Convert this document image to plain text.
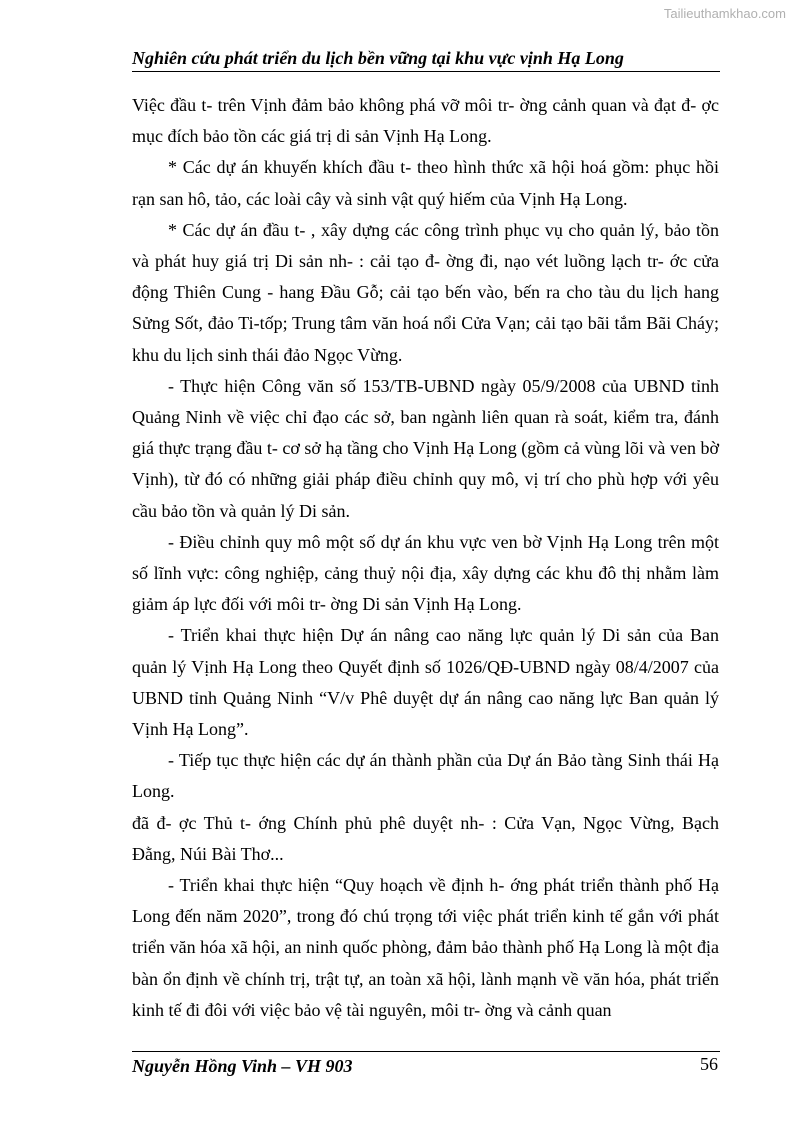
Tailieuthamkhao.com
Nghiên cứu phát triển du lịch bền vững tại khu vực vịnh Hạ Long

Việc đầu t- trên Vịnh đảm bảo không phá vỡ môi tr- ờng cảnh quan và đạt đ- ợc mục đích bảo tồn các giá trị di sản Vịnh Hạ Long.

* Các dự án khuyến khích đầu t- theo hình thức xã hội hoá gồm: phục hồi rạn san hô, tảo, các loài cây và sinh vật quý hiếm của Vịnh Hạ Long.

* Các dự án đầu t- , xây dựng các công trình phục vụ cho quản lý, bảo tồn và phát huy giá trị Di sản nh- : cải tạo đ- ờng đi, nạo vét luồng lạch tr- ớc cửa động Thiên Cung - hang Đầu Gỗ; cải tạo bến vào, bến ra cho tàu du lịch hang Sửng Sốt, đảo Ti-tốp; Trung tâm văn hoá nổi Cửa Vạn; cải tạo bãi tắm Bãi Cháy; khu du lịch sinh thái đảo Ngọc Vừng.

- Thực hiện Công văn số 153/TB-UBND ngày 05/9/2008 của UBND tỉnh Quảng Ninh về việc chỉ đạo các sở, ban ngành liên quan rà soát, kiểm tra, đánh giá thực trạng đầu t- cơ sở hạ tầng cho Vịnh Hạ Long (gồm cả vùng lõi và ven bờ Vịnh), từ đó có những giải pháp điều chỉnh quy mô, vị trí cho phù hợp với yêu cầu bảo tồn và quản lý Di sản.

- Điều chỉnh quy mô một số dự án khu vực ven bờ Vịnh Hạ Long trên một số lĩnh vực: công nghiệp, cảng thuỷ nội địa, xây dựng các khu đô thị nhằm làm giảm áp lực đối với môi tr- ờng Di sản Vịnh Hạ Long.

- Triển khai thực hiện Dự án nâng cao năng lực quản lý Di sản của Ban quản lý Vịnh Hạ Long theo Quyết định số 1026/QĐ-UBND ngày 08/4/2007 của UBND tỉnh Quảng Ninh “V/v Phê duyệt dự án nâng cao năng lực Ban quản lý Vịnh Hạ Long”.

- Tiếp tục thực hiện các dự án thành phần của Dự án Bảo tàng Sinh thái Hạ Long.

đã đ- ợc Thủ t- ớng Chính phủ phê duyệt nh- : Cửa Vạn, Ngọc Vừng, Bạch Đằng, Núi Bài Thơ...

- Triển khai thực hiện “Quy hoạch về định h- ớng phát triển thành phố Hạ Long đến năm 2020”, trong đó chú trọng tới việc phát triển kinh tế gắn với phát triển văn hóa xã hội, an ninh quốc phòng, đảm bảo thành phố Hạ Long là một địa bàn ổn định về chính trị, trật tự, an toàn xã hội, lành mạnh về văn hóa, phát triển kinh tế đi đôi với việc bảo vệ tài nguyên, môi tr- ờng và cảnh quan

Nguyễn Hồng Vinh – VH 903	56
